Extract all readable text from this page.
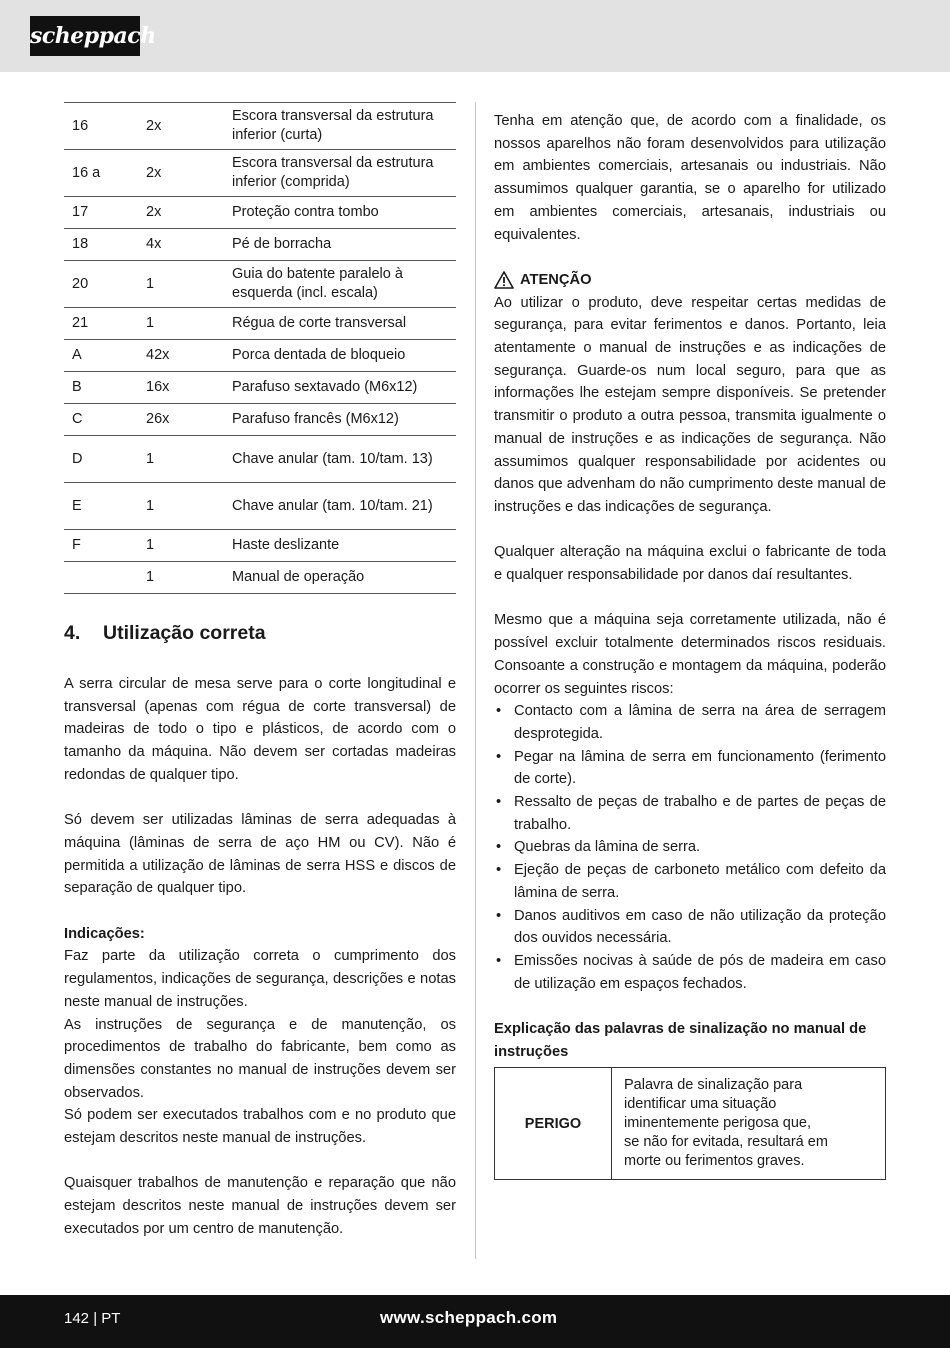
scheppach
16	2x	Escora transversal da estrutura inferior (curta)
16 a	2x	Escora transversal da estrutura inferior (comprida)
17	2x	Proteção contra tombo
18	4x	Pé de borracha
20	1	Guia do batente paralelo à esquerda (incl. escala)
21	1	Régua de corte transversal
A	42x	Porca dentada de bloqueio
B	16x	Parafuso sextavado (M6x12)
C	26x	Parafuso francês (M6x12)
D	1	Chave anular (tam. 10/tam. 13)
E	1	Chave anular (tam. 10/tam. 21)
F	1	Haste deslizante
	1	Manual de operação
4. Utilização correta

A serra circular de mesa serve para o corte longitudinal e transversal (apenas com régua de corte transversal) de madeiras de todo o tipo e plásticos, de acordo com o tamanho da máquina. Não devem ser cortadas madeiras redondas de qualquer tipo.

Só devem ser utilizadas lâminas de serra adequadas à máquina (lâminas de serra de aço HM ou CV). Não é permitida a utilização de lâminas de serra HSS e discos de separação de qualquer tipo.

Indicações:

Faz parte da utilização correta o cumprimento dos regulamentos, indicações de segurança, descrições e notas neste manual de instruções.

As instruções de segurança e de manutenção, os procedimentos de trabalho do fabricante, bem como as dimensões constantes no manual de instruções devem ser observados.

Só podem ser executados trabalhos com e no produto que estejam descritos neste manual de instruções.

Quaisquer trabalhos de manutenção e reparação que não estejam descritos neste manual de instruções devem ser executados por um centro de manutenção.

Tenha em atenção que, de acordo com a finalidade, os nossos aparelhos não foram desenvolvidos para utilização em ambientes comerciais, artesanais ou industriais. Não assumimos qualquer garantia, se o aparelho for utilizado em ambientes comerciais, artesanais, industriais ou equivalentes.

ATENÇÃO

Ao utilizar o produto, deve respeitar certas medidas de segurança, para evitar ferimentos e danos. Portanto, leia atentamente o manual de instruções e as indicações de segurança. Guarde-os num local seguro, para que as informações lhe estejam sempre disponíveis. Se pretender transmitir o produto a outra pessoa, transmita igualmente o manual de instruções e as indicações de segurança. Não assumimos qualquer responsabilidade por acidentes ou danos que advenham do não cumprimento deste manual de instruções e das indicações de segurança.

Qualquer alteração na máquina exclui o fabricante de toda e qualquer responsabilidade por danos daí resultantes.

Mesmo que a máquina seja corretamente utilizada, não é possível excluir totalmente determinados riscos residuais. Consoante a construção e montagem da máquina, poderão ocorrer os seguintes riscos:

• Contacto com a lâmina de serra na área de serragem desprotegida.
• Pegar na lâmina de serra em funcionamento (ferimento de corte).
• Ressalto de peças de trabalho e de partes de peças de trabalho.
• Quebras da lâmina de serra.
• Ejeção de peças de carboneto metálico com defeito da lâmina de serra.
• Danos auditivos em caso de não utilização da proteção dos ouvidos necessária.
• Emissões nocivas à saúde de pós de madeira em caso de utilização em espaços fechados.

Explicação das palavras de sinalização no manual de instruções

PERIGO	
Palavra de sinalização para
identificar uma situação
iminentemente perigosa que,
se não for evitada, resultará em
morte ou ferimentos graves.
142 | PT	www.scheppach.com
